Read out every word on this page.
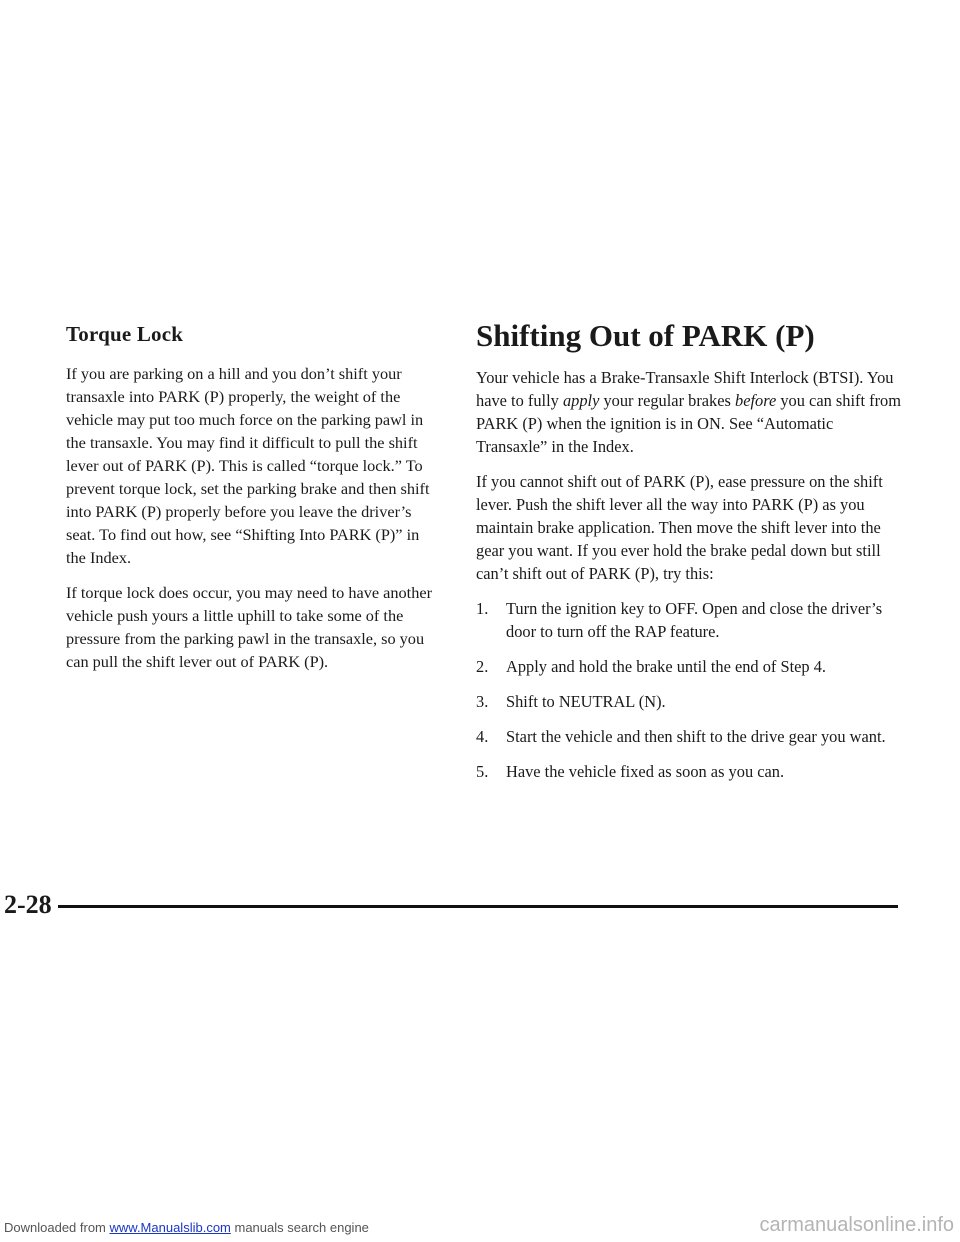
Torque Lock

If you are parking on a hill and you don’t shift your transaxle into PARK (P) properly, the weight of the vehicle may put too much force on the parking pawl in the transaxle. You may find it difficult to pull the shift lever out of PARK (P). This is called “torque lock.” To prevent torque lock, set the parking brake and then shift into PARK (P) properly before you leave the driver’s seat. To find out how, see “Shifting Into PARK (P)” in the Index.

If torque lock does occur, you may need to have another vehicle push yours a little uphill to take some of the pressure from the parking pawl in the transaxle, so you can pull the shift lever out of PARK (P).

Shifting Out of PARK (P)

Your vehicle has a Brake-Transaxle Shift Interlock (BTSI). You have to fully apply your regular brakes before you can shift from PARK (P) when the ignition is in ON. See “Automatic Transaxle” in the Index.

If you cannot shift out of PARK (P), ease pressure on the shift lever. Push the shift lever all the way into PARK (P) as you maintain brake application. Then move the shift lever into the gear you want. If you ever hold the brake pedal down but still can’t shift out of PARK (P), try this:

1. Turn the ignition key to OFF. Open and close the driver’s door to turn off the RAP feature.
2. Apply and hold the brake until the end of Step 4.
3. Shift to NEUTRAL (N).
4. Start the vehicle and then shift to the drive gear you want.
5. Have the vehicle fixed as soon as you can.
2-28
Downloaded from www.Manualslib.com manuals search engine	carmanualsonline.info
